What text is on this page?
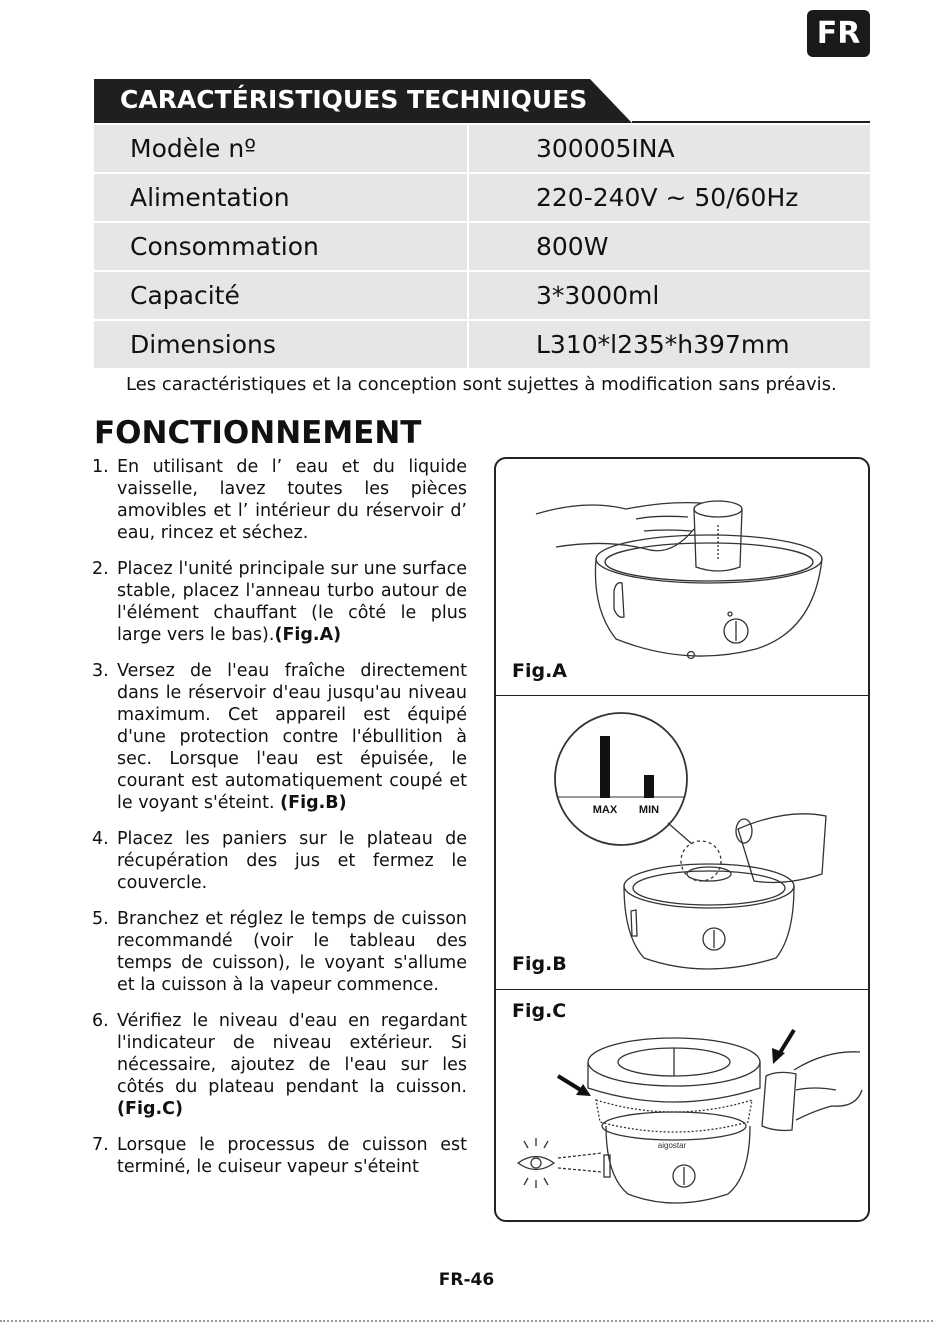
FR
CARACTÉRISTIQUES TECHNIQUES
Modèle nº	300005INA
Alimentation	220-240V ~ 50/60Hz
Consommation	800W
Capacité	3*3000ml
Dimensions	L310*l235*h397mm
Les caractéristiques et la conception sont sujettes à modification sans préavis.
FONCTIONNEMENT
1. En utilisant de l’ eau et du liquide vaisselle, lavez toutes les pièces amovibles et l’ intérieur du réservoir d’ eau, rincez et séchez.
2. Placez l'unité principale sur une surface stable, placez l'anneau turbo autour de l'élément chauffant (le côté le plus large vers le bas).(Fig.A)
3. Versez de l'eau fraîche directement dans le réservoir d'eau jusqu'au niveau maximum. Cet appareil est équipé d'une protection contre l'ébullition à sec. Lorsque l'eau est épuisée, le courant est automatiquement coupé et le voyant s'éteint. (Fig.B)
4. Placez les paniers sur le plateau de récupération des jus et fermez le couvercle.
5. Branchez et réglez le temps de cuisson recommandé (voir le tableau des temps de cuisson), le voyant s'allume et la cuisson à la vapeur commence.
6. Vérifiez le niveau d'eau en regardant l'indicateur de niveau extérieur. Si nécessaire, ajoutez de l'eau sur les côtés du plateau pendant la cuisson.(Fig.C)
7. Lorsque le processus de cuisson est terminé, le cuiseur vapeur s'éteint
Fig.A
MAX MIN
Fig.B
aigostar
Fig.C
FR-46
